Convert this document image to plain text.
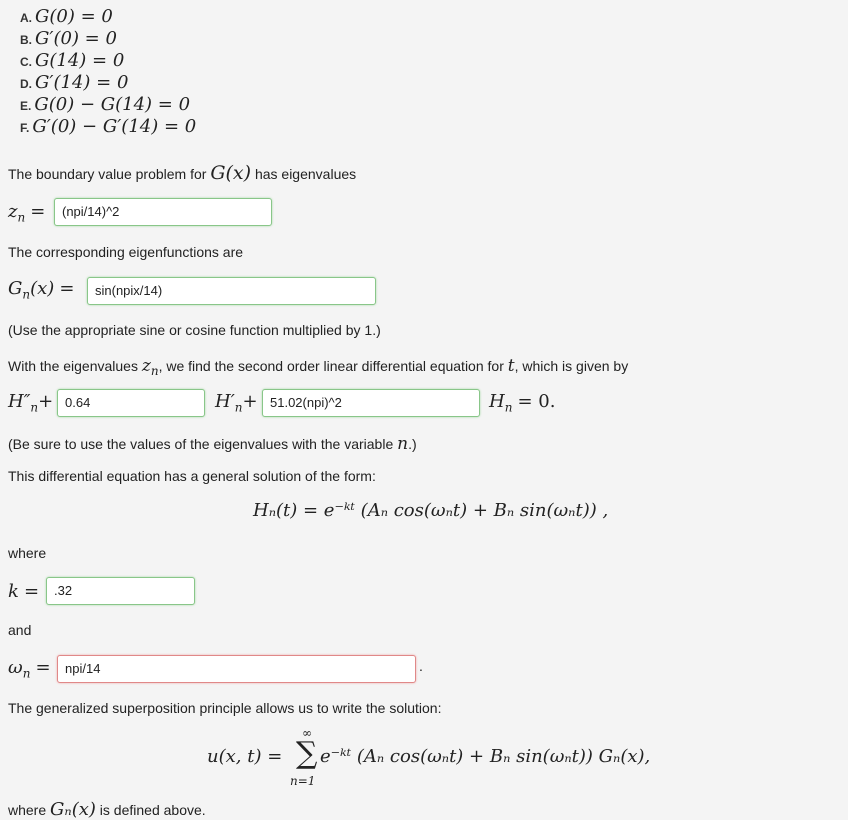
A. G(0) = 0
B. G′(0) = 0
C. G(14) = 0
D. G′(14) = 0
E. G(0) − G(14) = 0
F. G′(0) − G′(14) = 0
The boundary value problem for G(x) has eigenvalues
$z_n$ =	(npi/14)^2
The corresponding eigenfunctions are
$G_n(x)$ =	sin(npix/14)
(Use the appropriate sine or cosine function multiplied by 1.)
With the eigenvalues $z_n$, we find the second order linear differential equation for t, which is given by
$H''_n+ 0.64$	$H'_n+$ 51.02(npi)^2	$H_n = 0$.
(Be sure to use the values of the eigenvalues with the variable n.)
This differential equation has a general solution of the form:
Hₙ(t) = e⁻ᵏᵗ (Aₙ cos(ωₙt) + Bₙ sin(ωₙt)) ,
where
k =	.32
and
$\omega_n$ =	npi/14	.
The generalized superposition principle allows us to write the solution:
u(x, t) = ∑
∞
n=1
e⁻ᵏᵗ (Aₙ cos(ωₙt) + Bₙ sin(ωₙt)) Gₙ(x),
where Gₙ(x) is defined above.
